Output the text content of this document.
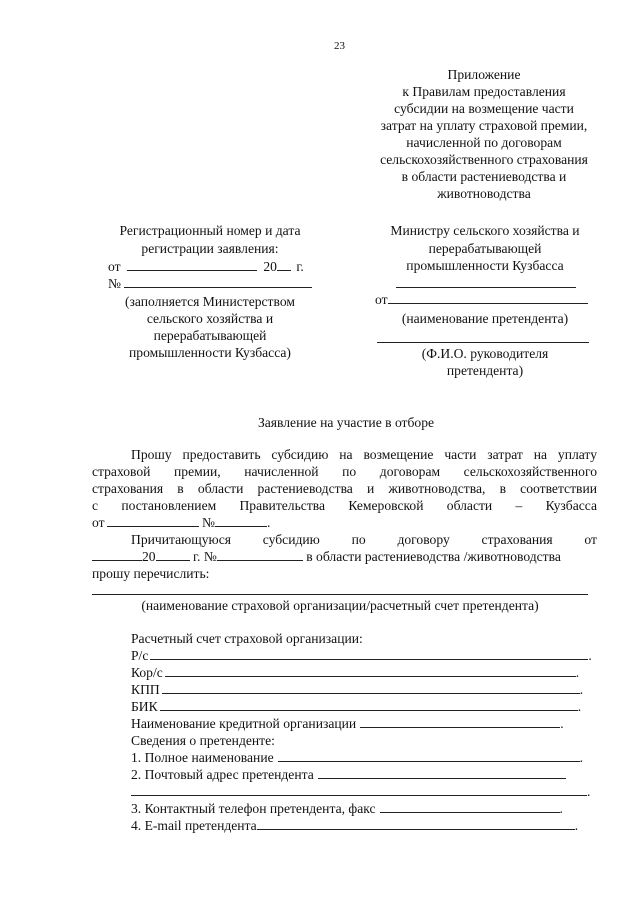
23
Приложение
к Правилам предоставления
субсидии на возмещение части
затрат на уплату страховой премии,
начисленной по договорам
сельскохозяйственного страхования
в области растениеводства и
животноводства
Регистрационный номер и дата
регистрации заявления:
от	20 г.
№
(заполняется Министерством
сельского хозяйства и
перерабатывающей
промышленности Кузбасса)
Министру сельского хозяйства и
перерабатывающей
промышленности Кузбасса
от
(наименование претендента)
(Ф.И.О. руководителя
претендента)
Заявление на участие в отборе
Прошу предоставить субсидию на возмещение части затрат на уплату
страховой премии, начисленной по договорам сельскохозяйственного
страхования в области растениеводства и животноводства, в соответствии
с постановлением Правительства Кемеровской области – Кузбасса
от	№	.
Причитающуюся субсидию по договору страхования от
20	г. №	в области растениеводства /животноводства
прошу перечислить:
(наименование страховой организации/расчетный счет претендента)
Расчетный счет страховой организации:
Р/с	.
Кор/с	.
КПП	.
БИК	.
Наименование кредитной организации	.
Сведения о претенденте:
1. Полное наименование	.
2. Почтовый адрес претендента
.
3. Контактный телефон претендента, факс	.
4. E-mail претендента	.
